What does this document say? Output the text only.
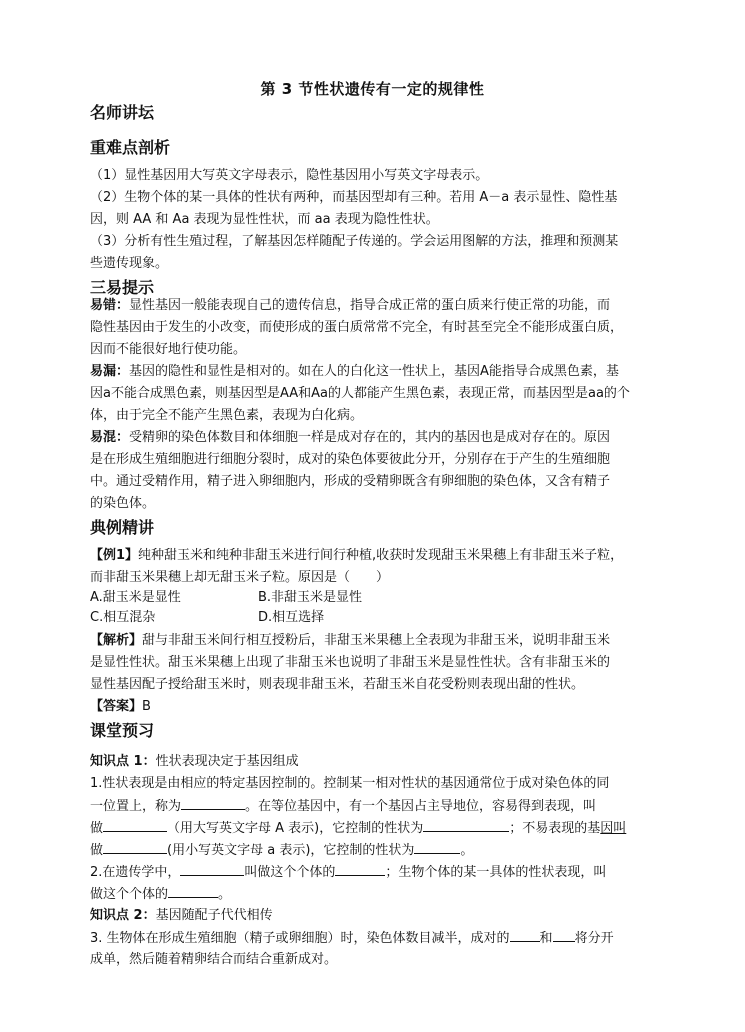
第 3 节性状遗传有一定的规律性
名师讲坛
重难点剖析
（1）显性基因用大写英文字母表示，隐性基因用小写英文字母表示。
（2）生物个体的某一具体的性状有两种，而基因型却有三种。若用 A－a 表示显性、隐性基
因，则 AA 和 Aa 表现为显性性状，而 aa 表现为隐性性状。
（3）分析有性生殖过程，了解基因怎样随配子传递的。学会运用图解的方法，推理和预测某
些遗传现象。
三易提示
易错：显性基因一般能表现自己的遗传信息，指导合成正常的蛋白质来行使正常的功能，而
隐性基因由于发生的小改变，而使形成的蛋白质常常不完全，有时甚至完全不能形成蛋白质，
因而不能很好地行使功能。
易漏：基因的隐性和显性是相对的。如在人的白化这一性状上，基因A能指导合成黑色素，基
因a不能合成黑色素，则基因型是AA和Aa的人都能产生黑色素，表现正常，而基因型是aa的个
体，由于完全不能产生黑色素，表现为白化病。
易混：受精卵的染色体数目和体细胞一样是成对存在的，其内的基因也是成对存在的。原因
是在形成生殖细胞进行细胞分裂时，成对的染色体要彼此分开，分别存在于产生的生殖细胞
中。通过受精作用，精子进入卵细胞内，形成的受精卵既含有卵细胞的染色体，又含有精子
的染色体。
典例精讲
【例1】纯种甜玉米和纯种非甜玉米进行间行种植,收获时发现甜玉米果穗上有非甜玉米子粒，
而非甜玉米果穗上却无甜玉米子粒。原因是（　　）
A.甜玉米是显性	B.非甜玉米是显性
C.相互混杂	D.相互选择
【解析】甜与非甜玉米间行相互授粉后，非甜玉米果穗上全表现为非甜玉米，说明非甜玉米
是显性性状。甜玉米果穗上出现了非甜玉米也说明了非甜玉米是显性性状。含有非甜玉米的
显性基因配子授给甜玉米时，则表现非甜玉米，若甜玉米自花受粉则表现出甜的性状。
【答案】B
课堂预习
知识点 1：性状表现决定于基因组成
1.性状表现是由相应的特定基因控制的。控制某一相对性状的基因通常位于成对染色体的同
一位置上，称为	。在等位基因中，有一个基因占主导地位，容易得到表现，叫
做	（用大写英文字母 A 表示)，它控制的性状为	；不易表现的基因叫
做	(用小写英文字母 a 表示)，它控制的性状为	。
2.在遗传学中，	叫做这个个体的	；生物个体的某一具体的性状表现，叫
做这个个体的	。
知识点 2：基因随配子代代相传
3. 生物体在形成生殖细胞（精子或卵细胞）时，染色体数目减半，成对的 和 将分开
成单，然后随着精卵结合而结合重新成对。
